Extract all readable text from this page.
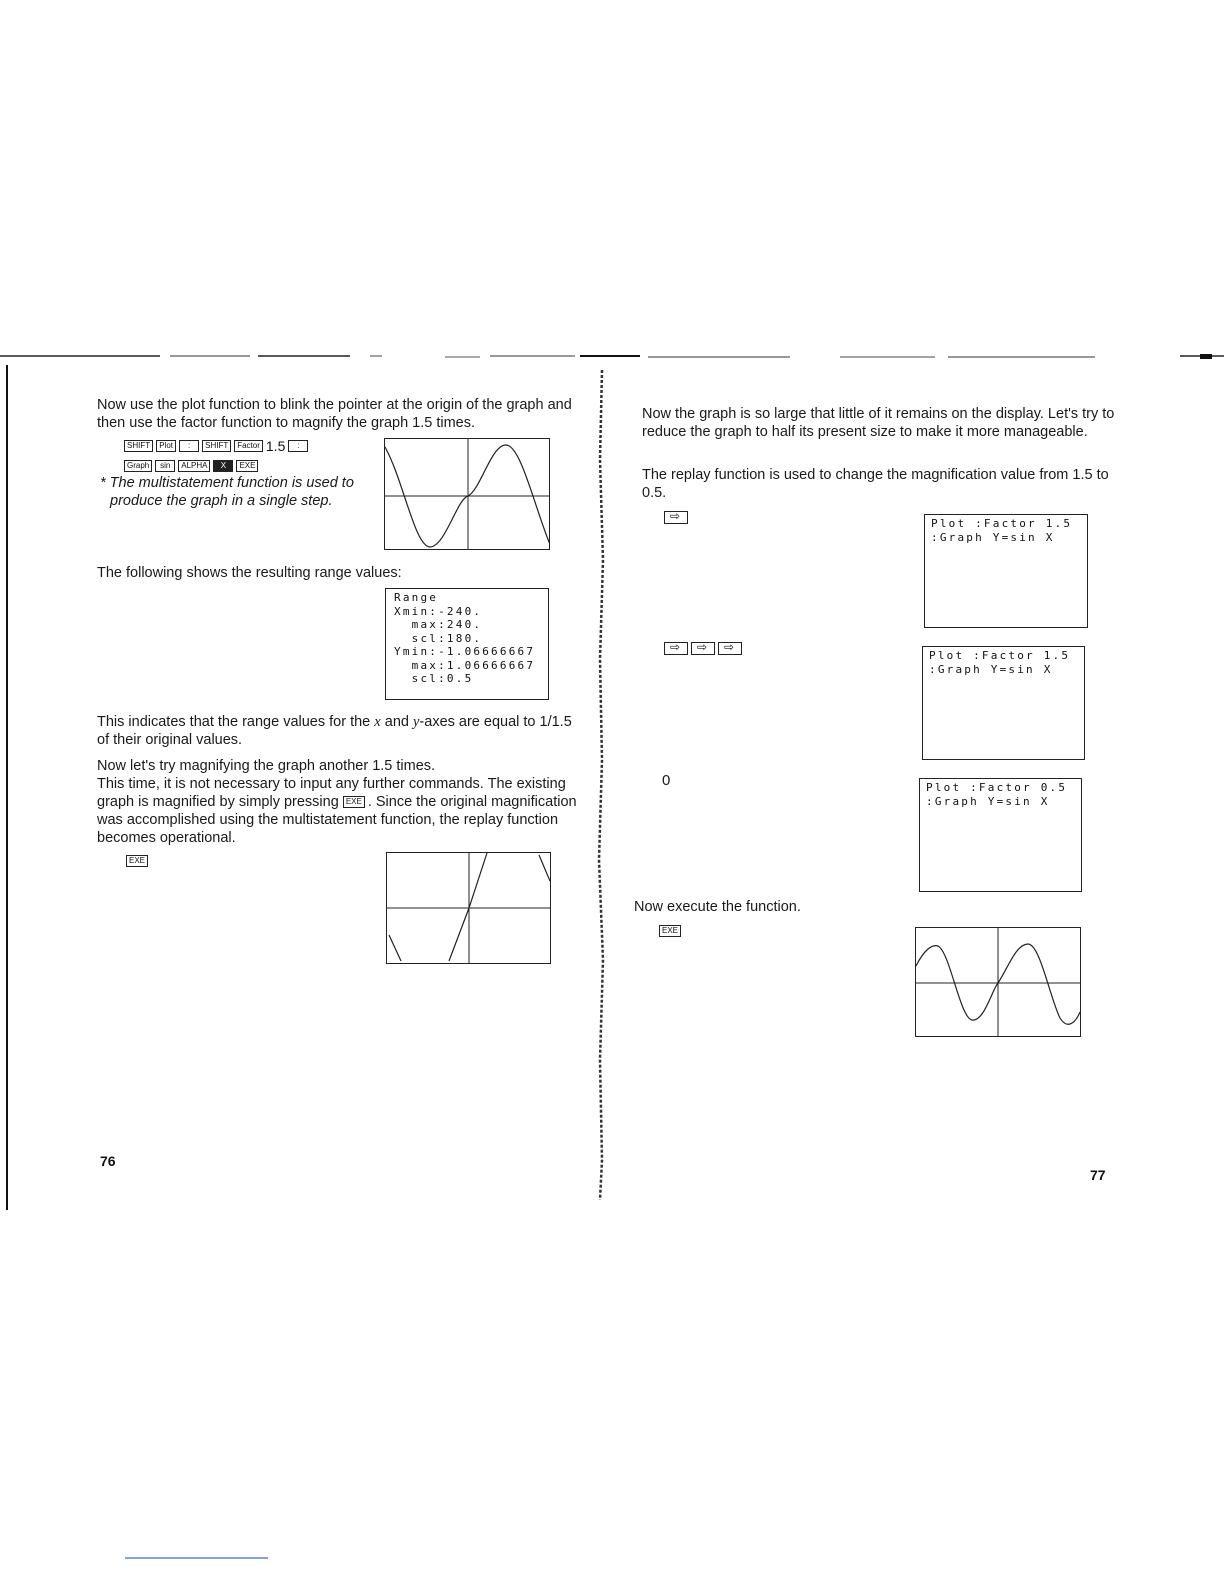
Now use the plot function to blink the pointer at the origin of the graph and then use the factor function to magnify the graph 1.5 times.
SHIFT Plot : SHIFT Factor 1.5 :
Graph sin ALPHA X EXE
* The multistatement function is used to produce the graph in a single step.
The following shows the resulting range values:
Range
Xmin:-240.
max:240.
scl:180.
Ymin:-1.06666667
max:1.06666667
scl:0.5
This indicates that the range values for the x and y-axes are equal to 1/1.5 of their original values.
Now let's try magnifying the graph another 1.5 times.
This time, it is not necessary to input any further commands. The existing graph is magnified by simply pressing EXE . Since the original magnification was accomplished using the multistatement function, the replay function becomes operational.
EXE
76
Now the graph is so large that little of it remains on the display. Let's try to reduce the graph to half its present size to make it more manageable.
The replay function is used to change the magnification value from 1.5 to 0.5.
⇨
Plot :Factor 1.5
:Graph Y=sin X
⇨⇨⇨
Plot :Factor 1.5
:Graph Y=sin X
0	Plot :Factor 0.5
:Graph Y=sin X
Now execute the function.
EXE
77
